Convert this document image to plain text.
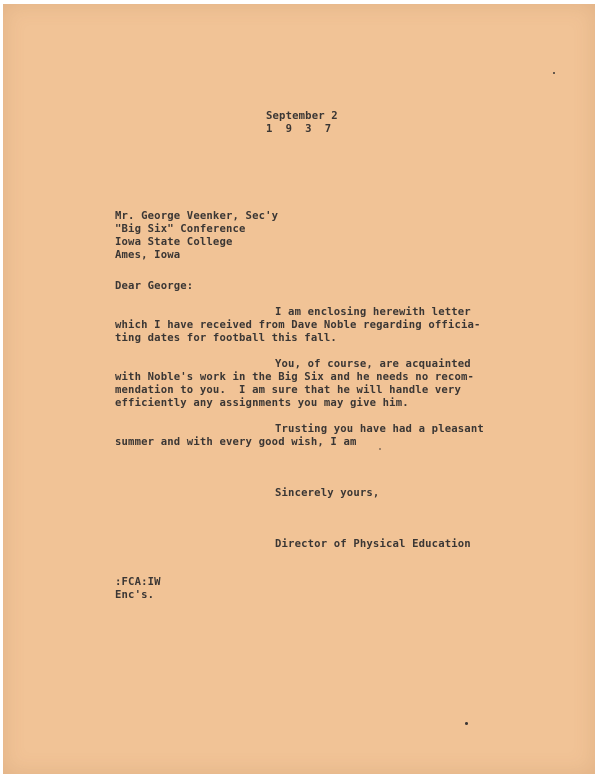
September 2
1  9  3  7
Mr. George Veenker, Sec'y
"Big Six" Conference
Iowa State College
Ames, Iowa
Dear George:
I am enclosing herewith letter
which I have received from Dave Noble regarding officia-
ting dates for football this fall.
You, of course, are acquainted
with Noble's work in the Big Six and he needs no recom-
mendation to you.  I am sure that he will handle very
efficiently any assignments you may give him.
Trusting you have had a pleasant
summer and with every good wish, I am
Sincerely yours,
Director of Physical Education
:FCA:IW
Enc's.
